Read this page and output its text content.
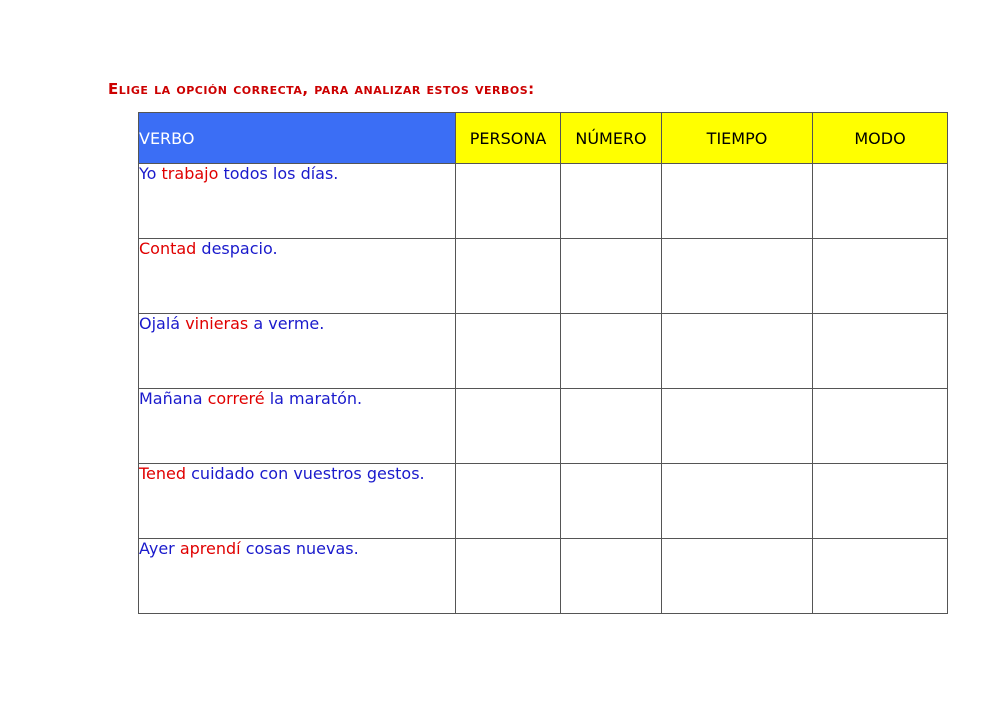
Elige la opción correcta, para analizar estos verbos:
VERBO	PERSONA	NÚMERO	TIEMPO	MODO
Yo trabajo todos los días.				
Contad despacio.				
Ojalá vinieras a verme.				
Mañana correré la maratón.				
Tened cuidado con vuestros gestos.				
Ayer aprendí cosas nuevas.				
